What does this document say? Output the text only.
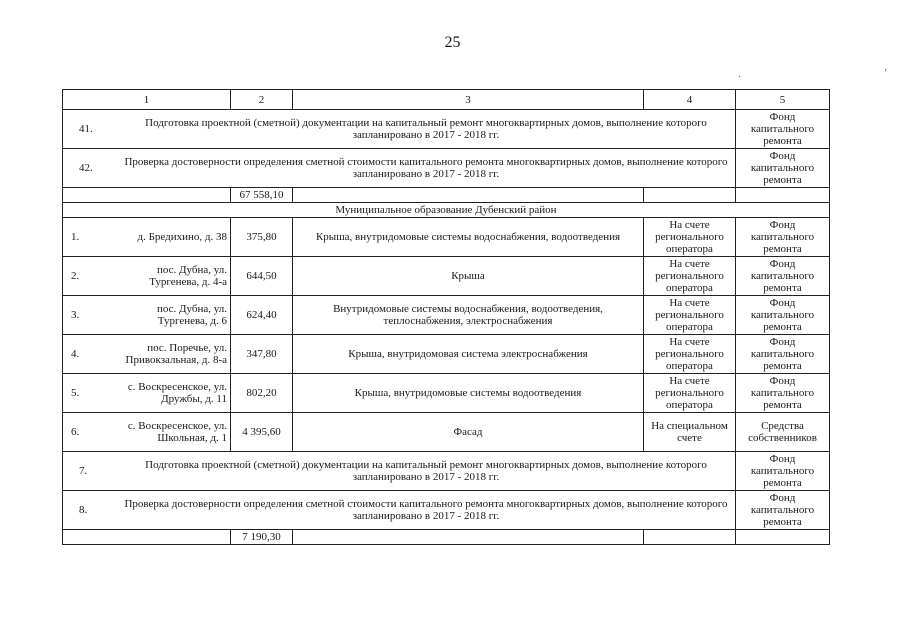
25
·	ʼ
1	2	3	4	5

41. Подготовка проектной (сметной) документации на капитальный ремонт многоквартирных домов, выполнение которого запланировано в 2017 - 2018 гг.				Фонд капитального ремонта

42. Проверка достоверности определения сметной стоимости капитального ремонта многоквартирных домов, выполнение которого запланировано в 2017 - 2018 гг.				Фонд капитального ремонта
	67 558,10			
Муниципальное образование Дубенский район				
1. д. Бредихино, д. 38	375,80	Крыша, внутридомовые системы водоснабжения, водоотведения	На счете регионального оператора	Фонд капитального ремонта
2. пос. Дубна, ул. Тургенева, д. 4-а	644,50	Крыша	На счете регионального оператора	Фонд капитального ремонта
3. пос. Дубна, ул. Тургенева, д. 6	624,40	Внутридомовые системы водоснабжения, водоотведения, теплоснабжения, электроснабжения	На счете регионального оператора	Фонд капитального ремонта
4. пос. Поречье, ул. Привокзальная, д. 8-а	347,80	Крыша, внутридомовая система электроснабжения	На счете регионального оператора	Фонд капитального ремонта
5. с. Воскресенское, ул. Дружбы, д. 11	802,20	Крыша, внутридомовые системы водоотведения	На счете регионального оператора	Фонд капитального ремонта
6. с. Воскресенское, ул. Школьная, д. 1	4 395,60	Фасад	На специальном счете	Средства собственников

7. Подготовка проектной (сметной) документации на капитальный ремонт многоквартирных домов, выполнение которого запланировано в 2017 - 2018 гг.				Фонд капитального ремонта

8. Проверка достоверности определения сметной стоимости капитального ремонта многоквартирных домов, выполнение которого запланировано в 2017 - 2018 гг.				Фонд капитального ремонта
	7 190,30			
